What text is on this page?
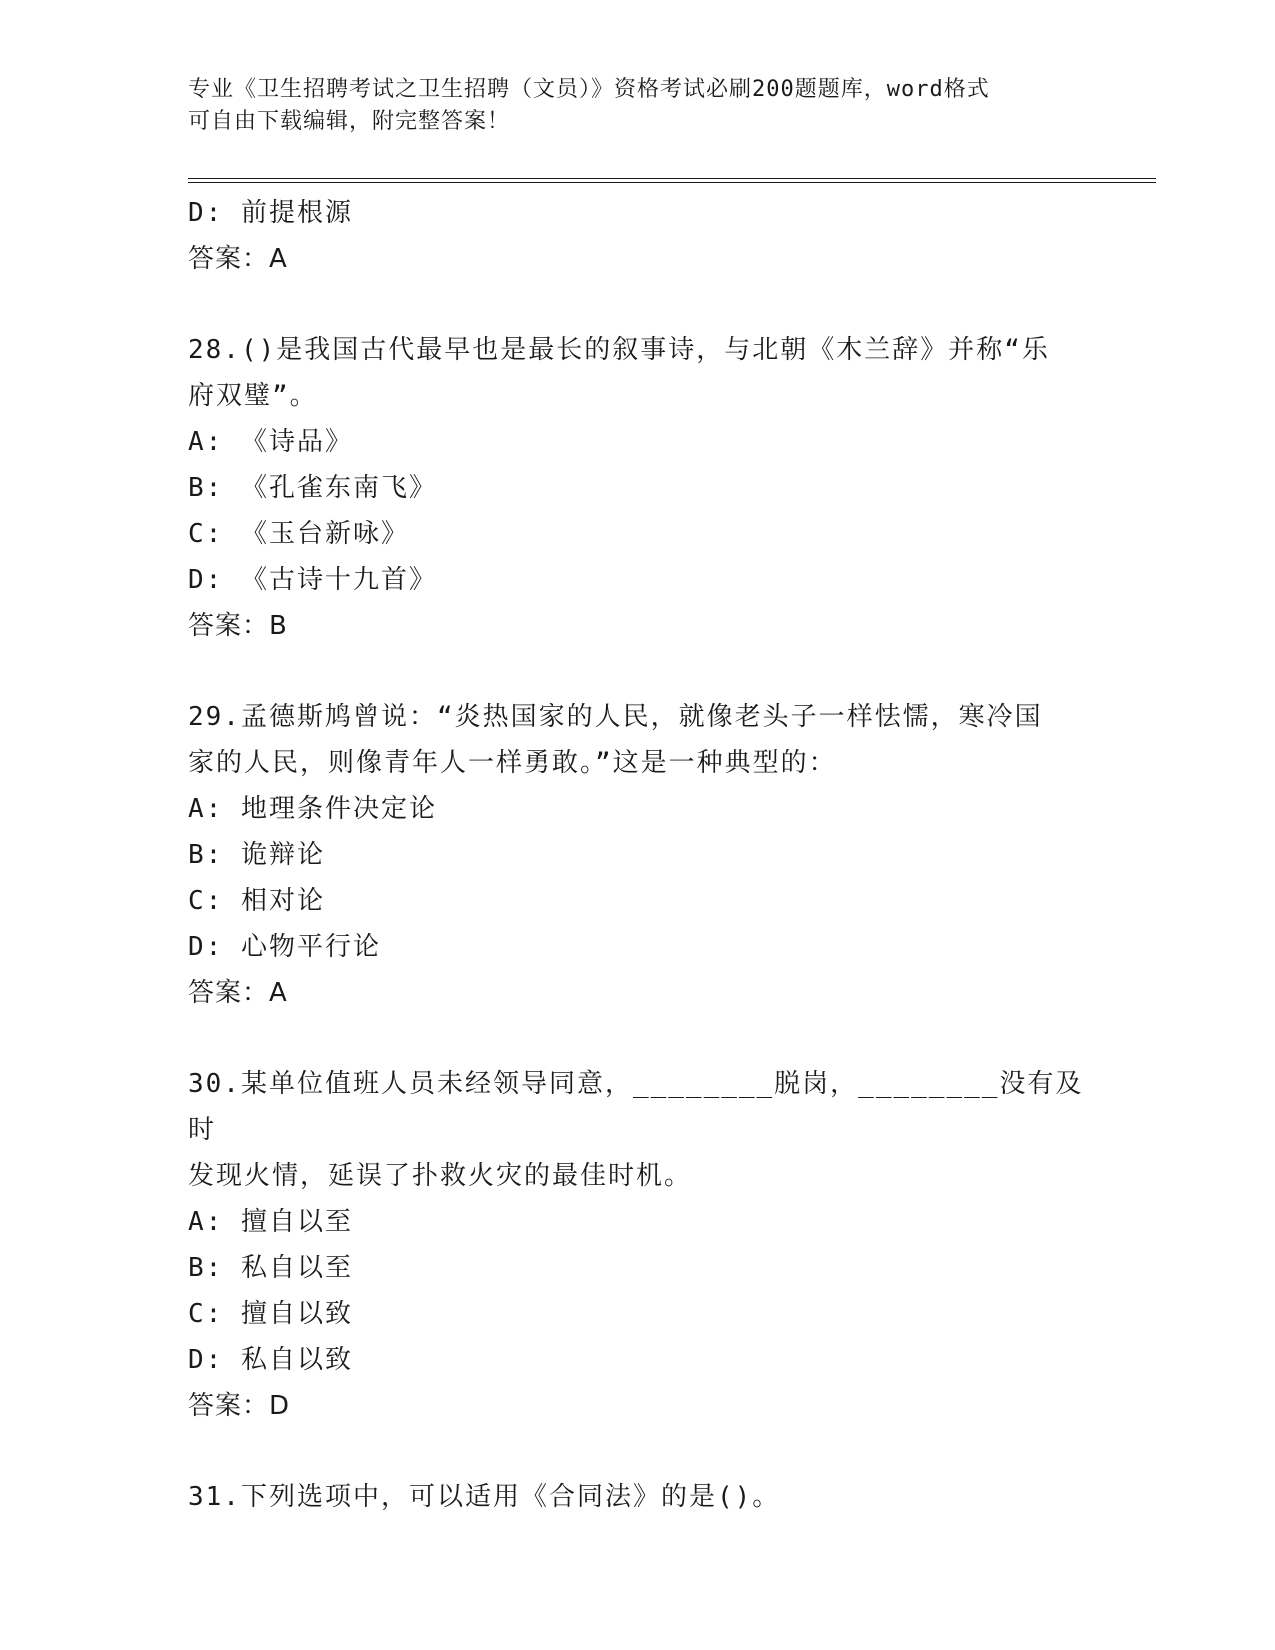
专业《卫生招聘考试之卫生招聘（文员）》资格考试必刷200题题库，word格式
可自由下载编辑，附完整答案！
D: 前提根源
答案：A
28.()是我国古代最早也是最长的叙事诗，与北朝《木兰辞》并称“乐
府双璧”。
A: 《诗品》
B: 《孔雀东南飞》
C: 《玉台新咏》
D: 《古诗十九首》
答案：B
29.孟德斯鸠曾说：“炎热国家的人民，就像老头子一样怯懦，寒冷国
家的人民，则像青年人一样勇敢。”这是一种典型的：
A: 地理条件决定论
B: 诡辩论
C: 相对论
D: 心物平行论
答案：A
30.某单位值班人员未经领导同意，________脱岗，________没有及时
发现火情，延误了扑救火灾的最佳时机。
A: 擅自以至
B: 私自以至
C: 擅自以致
D: 私自以致
答案：D
31.下列选项中，可以适用《合同法》的是()。
